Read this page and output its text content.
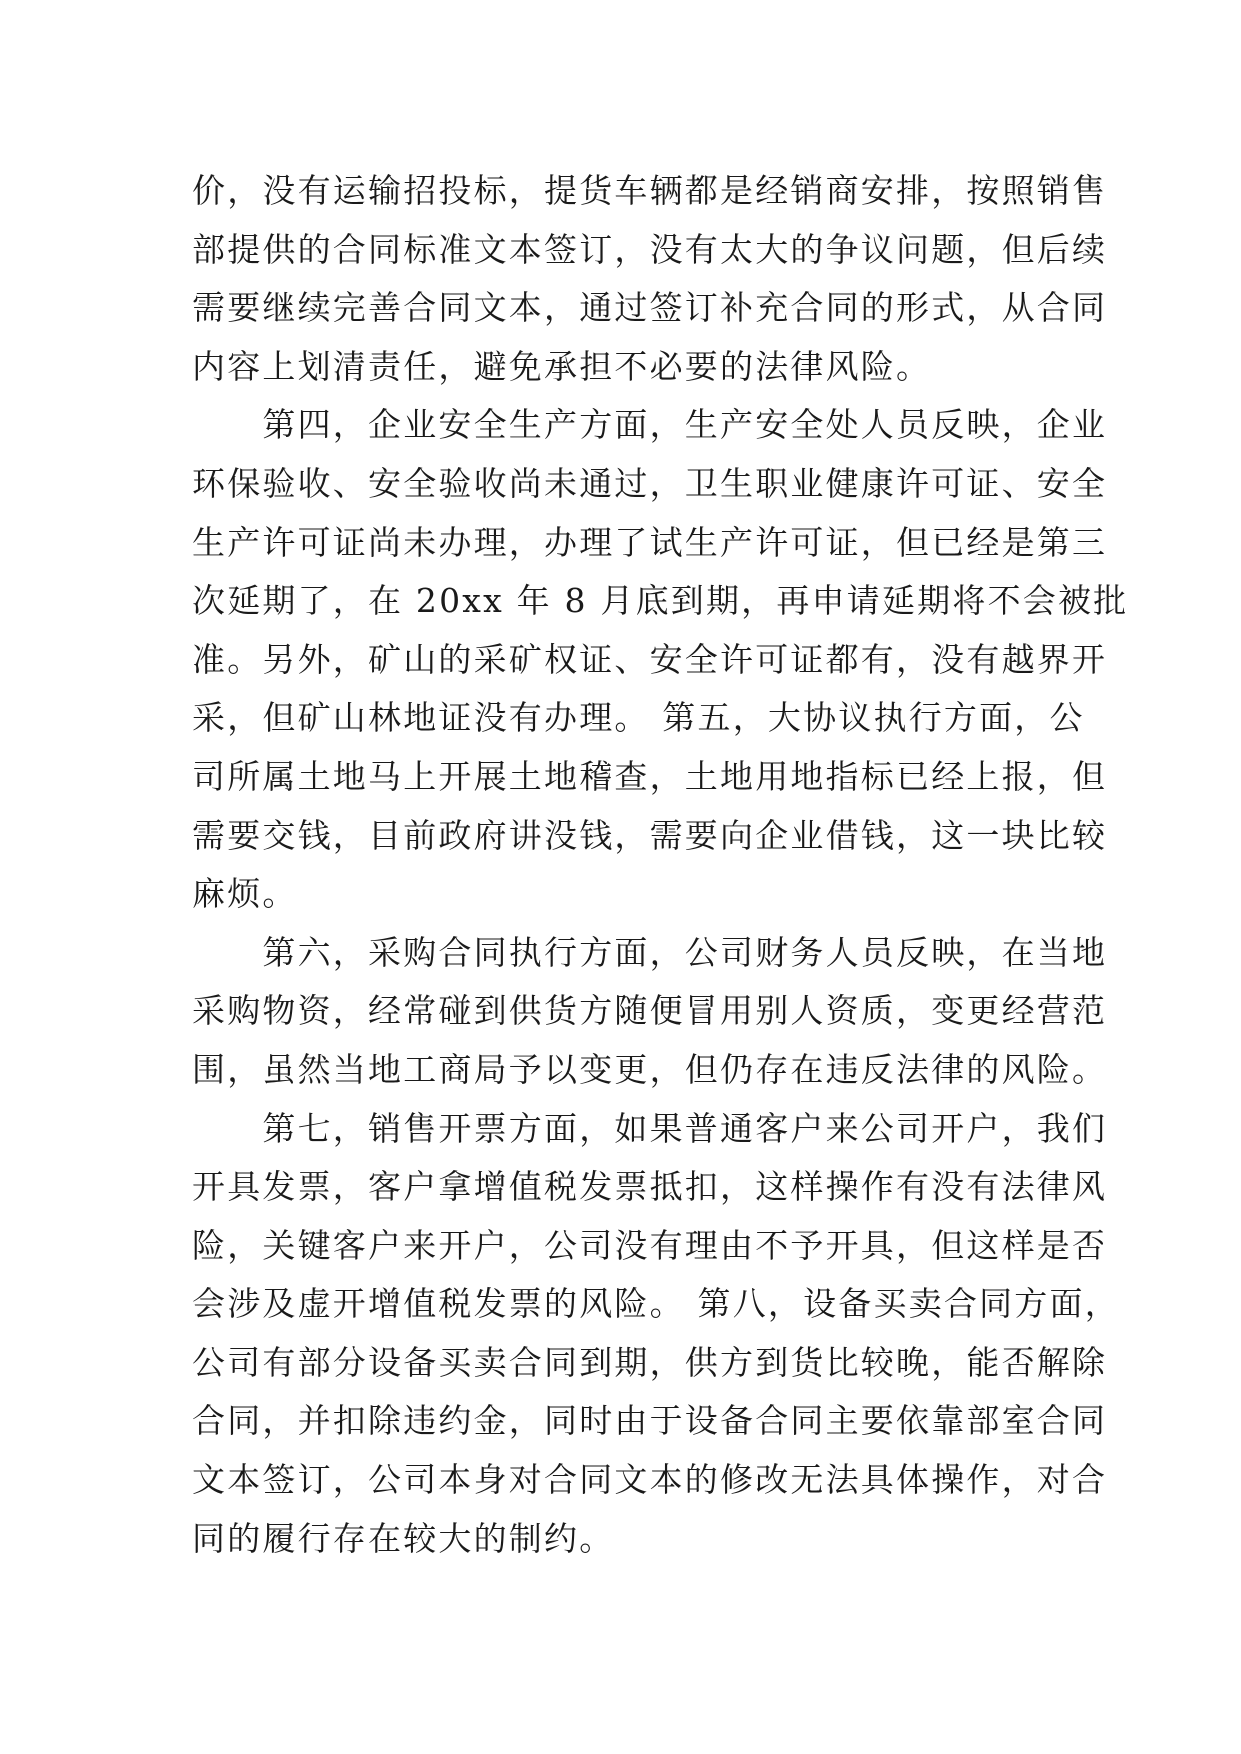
价，没有运输招投标，提货车辆都是经销商安排，按照销售
部提供的合同标准文本签订，没有太大的争议问题，但后续
需要继续完善合同文本，通过签订补充合同的形式，从合同
内容上划清责任，避免承担不必要的法律风险。
　　第四，企业安全生产方面，生产安全处人员反映，企业
环保验收、安全验收尚未通过，卫生职业健康许可证、安全
生产许可证尚未办理，办理了试生产许可证，但已经是第三
次延期了，在 20xx 年 8 月底到期，再申请延期将不会被批
准。另外，矿山的采矿权证、安全许可证都有，没有越界开
采，但矿山林地证没有办理。 第五，大协议执行方面，公
司所属土地马上开展土地稽查，土地用地指标已经上报，但
需要交钱，目前政府讲没钱，需要向企业借钱，这一块比较
麻烦。
　　第六，采购合同执行方面，公司财务人员反映，在当地
采购物资，经常碰到供货方随便冒用别人资质，变更经营范
围，虽然当地工商局予以变更，但仍存在违反法律的风险。
　　第七，销售开票方面，如果普通客户来公司开户，我们
开具发票，客户拿增值税发票抵扣，这样操作有没有法律风
险，关键客户来开户，公司没有理由不予开具，但这样是否
会涉及虚开增值税发票的风险。 第八，设备买卖合同方面，
公司有部分设备买卖合同到期，供方到货比较晚，能否解除
合同，并扣除违约金，同时由于设备合同主要依靠部室合同
文本签订，公司本身对合同文本的修改无法具体操作，对合
同的履行存在较大的制约。
